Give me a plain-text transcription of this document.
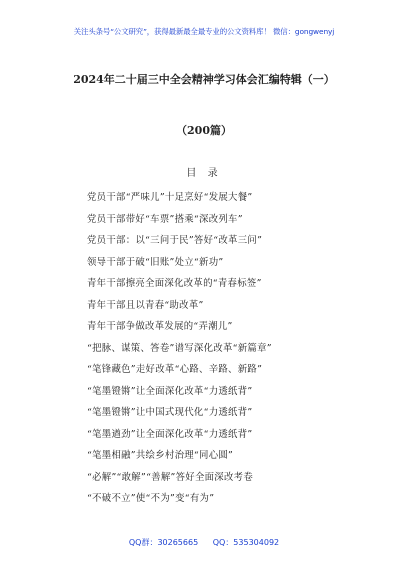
关注头条号“公文研究”，获得最新最全最专业的公文资料库！ 微信：gongwenyj
2024年二十届三中全会精神学习体会汇编特辑（一）
（200篇）
目 录
党员干部“严味儿”十足烹好“发展大餐”
党员干部带好“车票”搭乘“深改列车”
党员干部：以“三问于民”答好“改革三问”
领导干部于破“旧账”处立“新功”
青年干部擦亮全面深化改革的“青春标签”
青年干部且以青春“助改革”
青年干部争做改革发展的“弄潮儿”
“把脉、谋策、答卷”谱写深化改革“新篇章”
“笔锋藏色”走好改革“心路、辛路、新路”
“笔墨镫锵”让全面深化改革“力透纸背”
“笔墨镫锵”让中国式现代化“力透纸背”
“笔墨遒劲”让全面深化改革“力透纸背”
“笔墨相融”共绘乡村治理“同心圆”
“必解”“敢解”“善解”答好全面深改考卷
“不破不立”使“不为”变“有为”
QQ群：30265665 QQ：535304092
